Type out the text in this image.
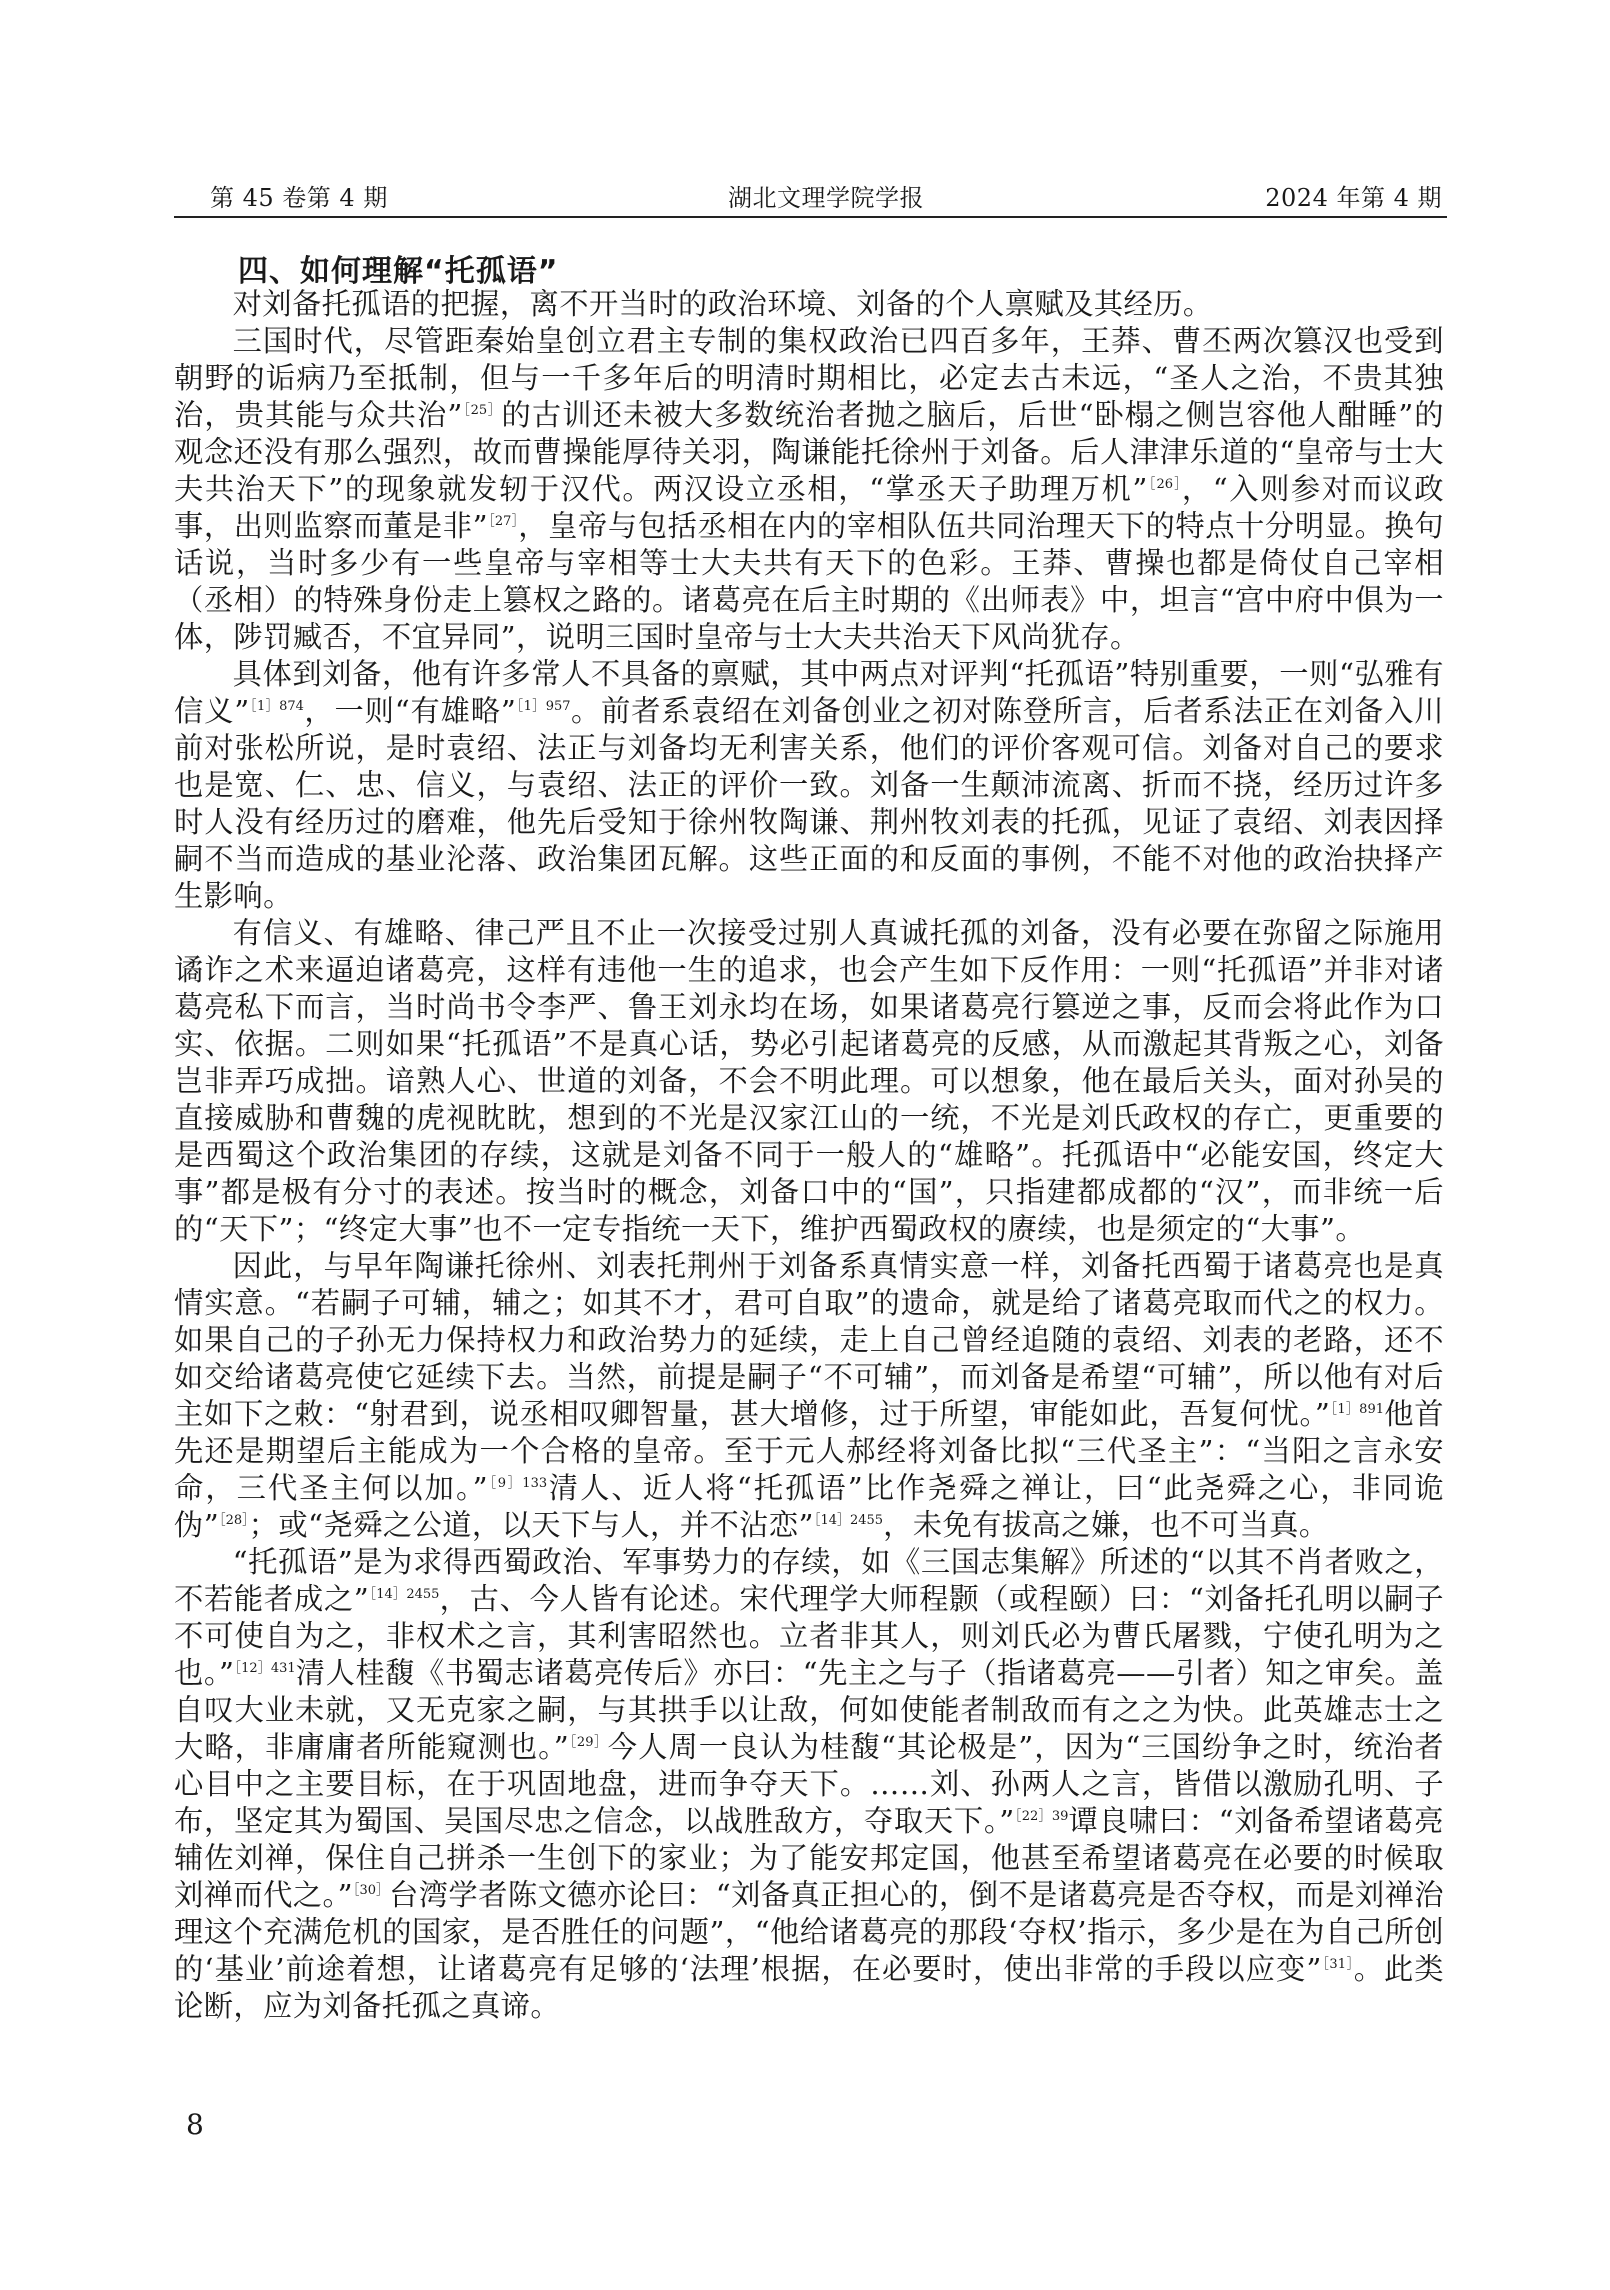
第 45 卷第 4 期	湖北文理学院学报	2024 年第 4 期
四、如何理解“托孤语”

对刘备托孤语的把握，离不开当时的政治环境、刘备的个人禀赋及其经历。

三国时代，尽管距秦始皇创立君主专制的集权政治已四百多年，王莽、曹丕两次篡汉也受到朝野的诟病乃至抵制，但与一千多年后的明清时期相比，必定去古未远，“圣人之治，不贵其独治，贵其能与众共治”$^{[25]}$的古训还未被大多数统治者抛之脑后，后世“卧榻之侧岂容他人酣睡”的观念还没有那么强烈，故而曹操能厚待关羽，陶谦能托徐州于刘备。后人津津乐道的“皇帝与士大夫共治天下”的现象就发轫于汉代。两汉设立丞相，“掌丞天子助理万机”$^{[26]}$，“入则参对而议政事，出则监察而董是非”$^{[27]}$，皇帝与包括丞相在内的宰相队伍共同治理天下的特点十分明显。换句话说，当时多少有一些皇帝与宰相等士大夫共有天下的色彩。王莽、曹操也都是倚仗自己宰相（丞相）的特殊身份走上篡权之路的。诸葛亮在后主时期的《出师表》中，坦言“宫中府中俱为一体，陟罚臧否，不宜异同”，说明三国时皇帝与士大夫共治天下风尚犹存。

具体到刘备，他有许多常人不具备的禀赋，其中两点对评判“托孤语”特别重要，一则“弘雅有信义”$^{[1]874}$，一则“有雄略”$^{[1]957}$。前者系袁绍在刘备创业之初对陈登所言，后者系法正在刘备入川前对张松所说，是时袁绍、法正与刘备均无利害关系，他们的评价客观可信。刘备对自己的要求也是宽、仁、忠、信义，与袁绍、法正的评价一致。刘备一生颠沛流离、折而不挠，经历过许多时人没有经历过的磨难，他先后受知于徐州牧陶谦、荆州牧刘表的托孤，见证了袁绍、刘表因择嗣不当而造成的基业沦落、政治集团瓦解。这些正面的和反面的事例，不能不对他的政治抉择产生影响。

有信义、有雄略、律己严且不止一次接受过别人真诚托孤的刘备，没有必要在弥留之际施用谲诈之术来逼迫诸葛亮，这样有违他一生的追求，也会产生如下反作用：一则“托孤语”并非对诸葛亮私下而言，当时尚书令李严、鲁王刘永均在场，如果诸葛亮行篡逆之事，反而会将此作为口实、依据。二则如果“托孤语”不是真心话，势必引起诸葛亮的反感，从而激起其背叛之心，刘备岂非弄巧成拙。谙熟人心、世道的刘备，不会不明此理。可以想象，他在最后关头，面对孙吴的直接威胁和曹魏的虎视眈眈，想到的不光是汉家江山的一统，不光是刘氏政权的存亡，更重要的是西蜀这个政治集团的存续，这就是刘备不同于一般人的“雄略”。托孤语中“必能安国，终定大事”都是极有分寸的表述。按当时的概念，刘备口中的“国”，只指建都成都的“汉”，而非统一后的“天下”；“终定大事”也不一定专指统一天下，维护西蜀政权的赓续，也是须定的“大事”。

因此，与早年陶谦托徐州、刘表托荆州于刘备系真情实意一样，刘备托西蜀于诸葛亮也是真情实意。“若嗣子可辅，辅之；如其不才，君可自取”的遗命，就是给了诸葛亮取而代之的权力。如果自己的子孙无力保持权力和政治势力的延续，走上自己曾经追随的袁绍、刘表的老路，还不如交给诸葛亮使它延续下去。当然，前提是嗣子“不可辅”，而刘备是希望“可辅”，所以他有对后主如下之敕：“射君到，说丞相叹卿智量，甚大增修，过于所望，审能如此，吾复何忧。”$^{[1]891}$他首先还是期望后主能成为一个合格的皇帝。至于元人郝经将刘备比拟“三代圣主”：“当阳之言永安命，三代圣主何以加。”$^{[9]133}$清人、近人将“托孤语”比作尧舜之禅让，曰“此尧舜之心，非同诡伪”$^{[28]}$；或“尧舜之公道，以天下与人，并不沾恋”$^{[14]2455}$，未免有拔高之嫌，也不可当真。

“托孤语”是为求得西蜀政治、军事势力的存续，如《三国志集解》所述的“以其不肖者败之，不若能者成之”$^{[14]2455}$，古、今人皆有论述。宋代理学大师程颢（或程颐）曰：“刘备托孔明以嗣子不可使自为之，非权术之言，其利害昭然也。立者非其人，则刘氏必为曹氏屠戮，宁使孔明为之也。”$^{[12]431}$清人桂馥《书蜀志诸葛亮传后》亦曰：“先主之与子（指诸葛亮——引者）知之审矣。盖自叹大业未就，又无克家之嗣，与其拱手以让敌，何如使能者制敌而有之之为快。此英雄志士之大略，非庸庸者所能窥测也。”$^{[29]}$今人周一良认为桂馥“其论极是”，因为“三国纷争之时，统治者心目中之主要目标，在于巩固地盘，进而争夺天下。……刘、孙两人之言，皆借以激励孔明、子布，坚定其为蜀国、吴国尽忠之信念，以战胜敌方，夺取天下。”$^{[22]39}$谭良啸曰：“刘备希望诸葛亮辅佐刘禅，保住自己拼杀一生创下的家业；为了能安邦定国，他甚至希望诸葛亮在必要的时候取刘禅而代之。”$^{[30]}$台湾学者陈文德亦论曰：“刘备真正担心的，倒不是诸葛亮是否夺权，而是刘禅治理这个充满危机的国家，是否胜任的问题”，“他给诸葛亮的那段‘夺权’指示，多少是在为自己所创的‘基业’前途着想，让诸葛亮有足够的‘法理’根据，在必要时，使出非常的手段以应变”$^{[31]}$。此类论断，应为刘备托孤之真谛。

8
